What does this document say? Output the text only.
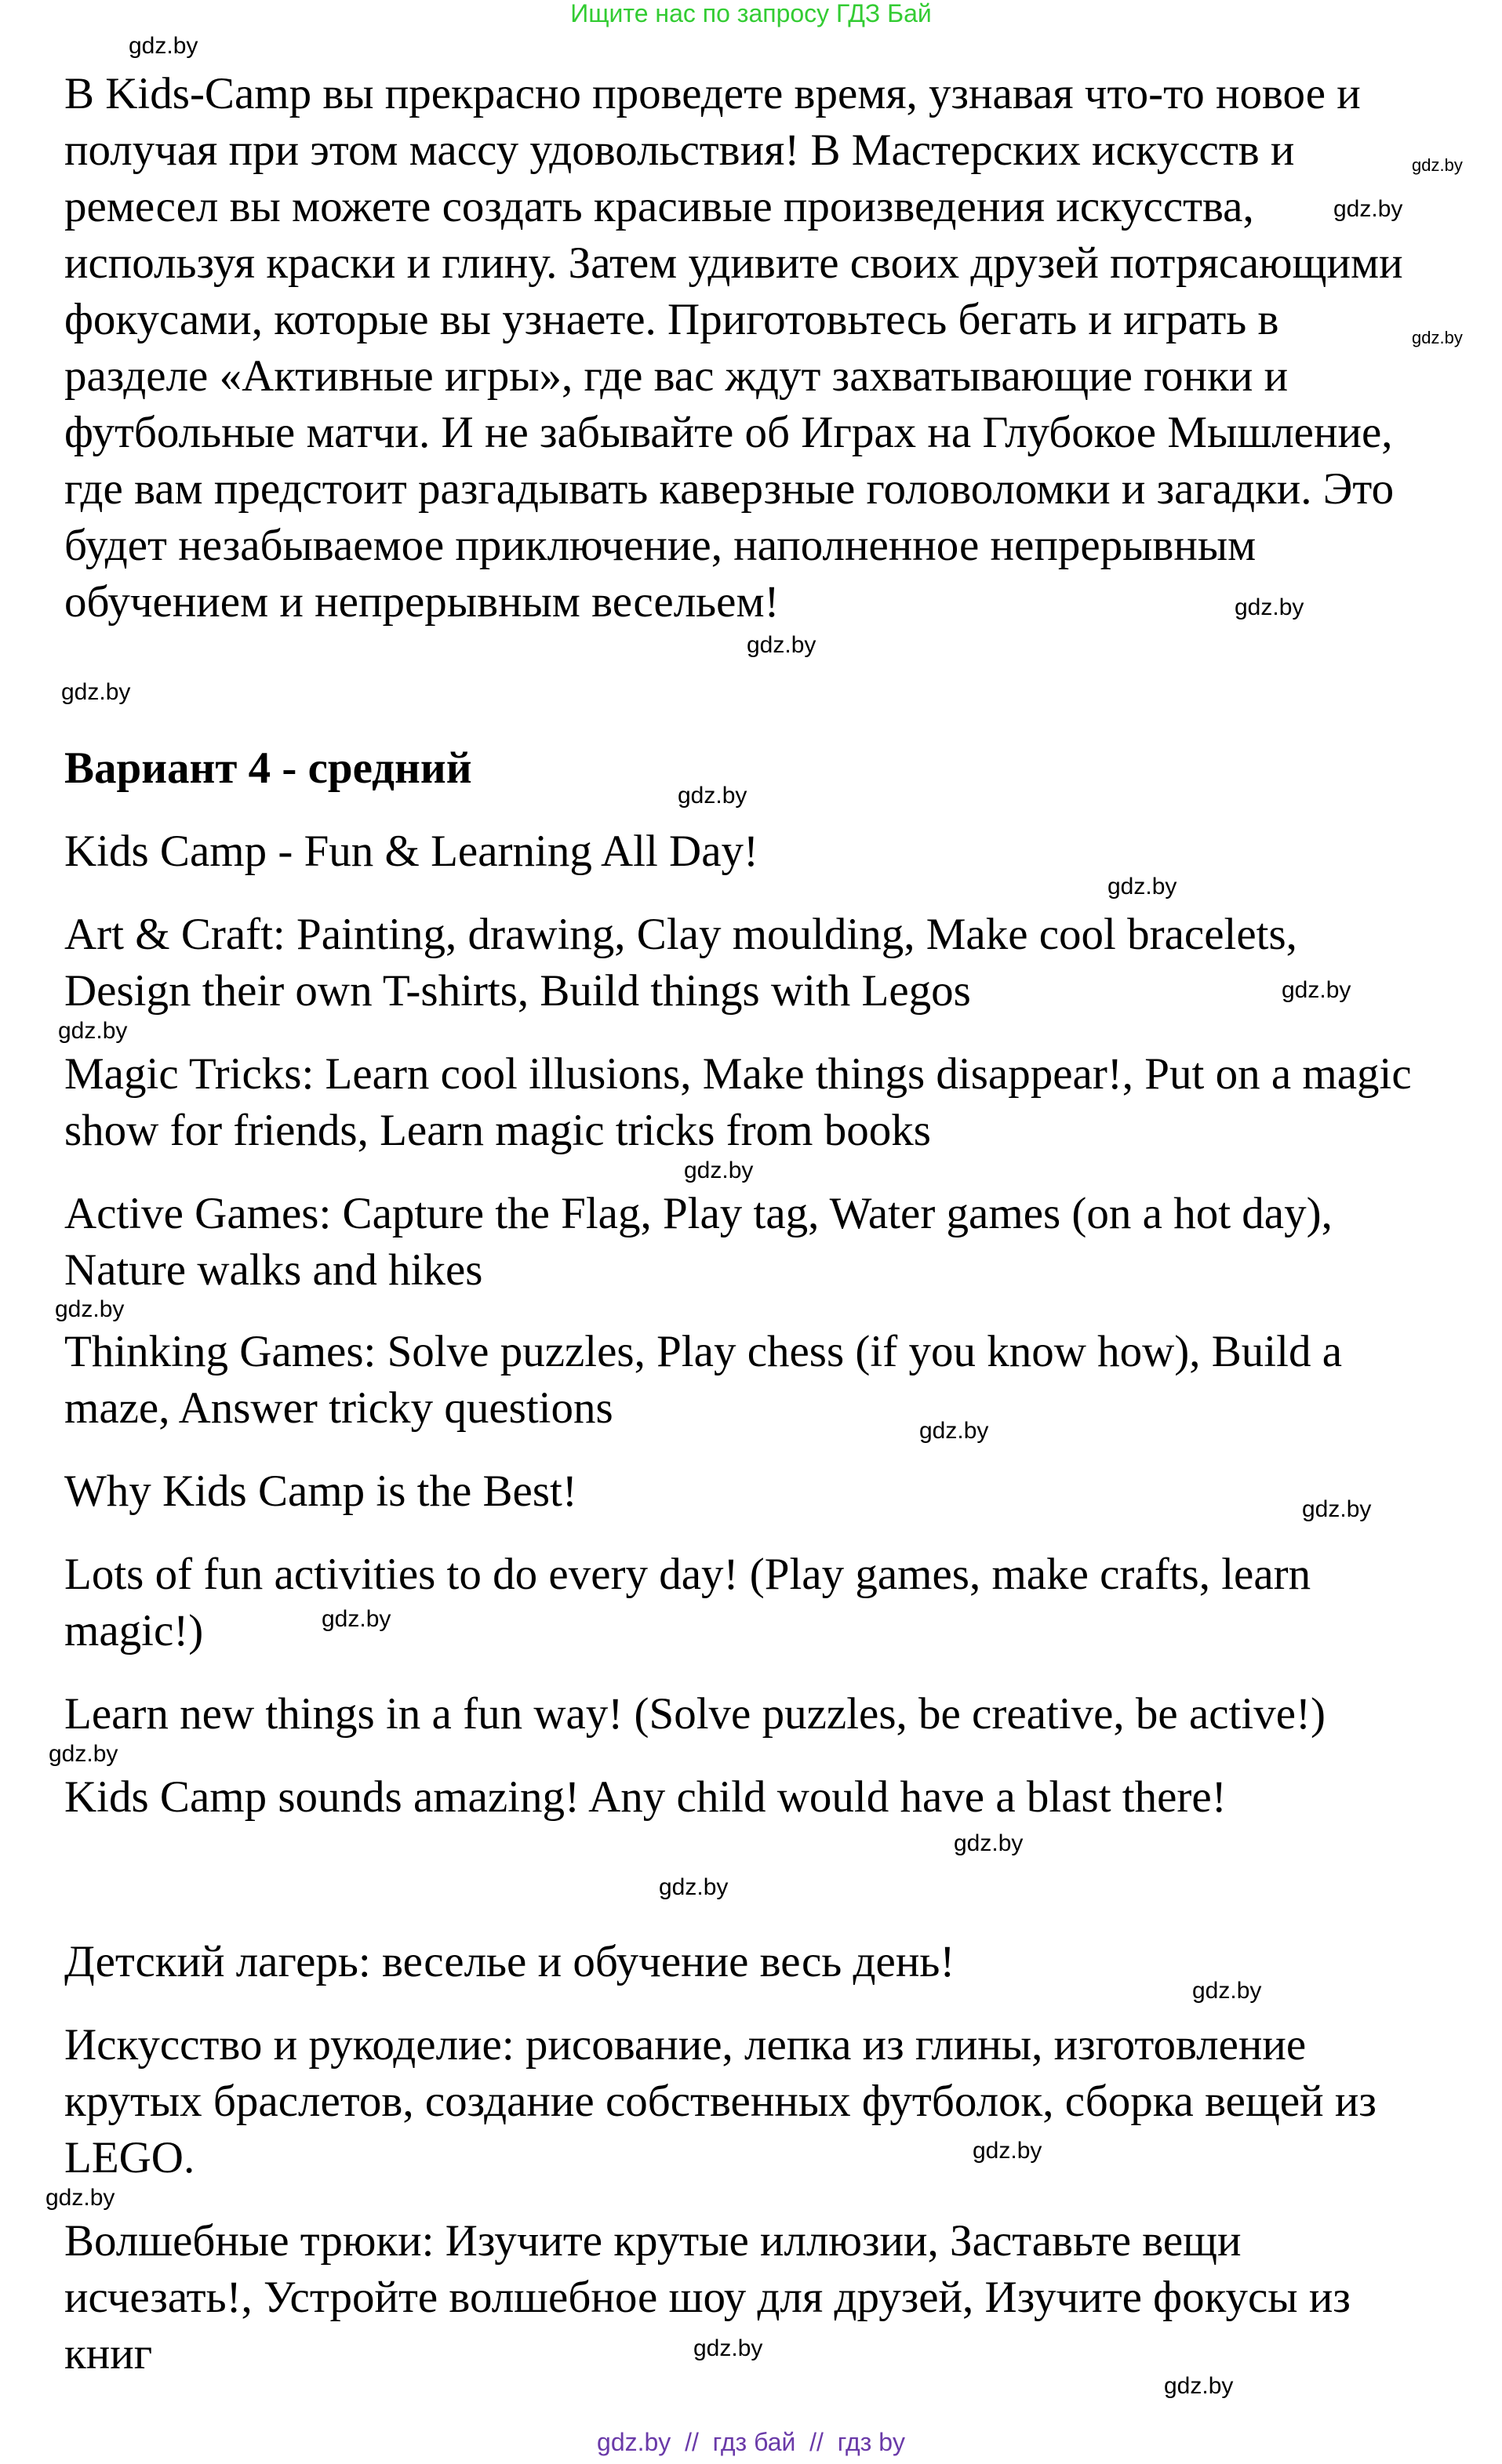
Ищите нас по запросу ГДЗ Бай
В Kids-Camp вы прекрасно проведете время, узнавая что-то новое и
получая при этом массу удовольствия! В Мастерских искусств и
ремесел вы можете создать красивые произведения искусства,
используя краски и глину. Затем удивите своих друзей потрясающими
фокусами, которые вы узнаете. Приготовьтесь бегать и играть в
разделе «Активные игры», где вас ждут захватывающие гонки и
футбольные матчи. И не забывайте об Играх на Глубокое Мышление,
где вам предстоит разгадывать каверзные головоломки и загадки. Это
будет незабываемое приключение, наполненное непрерывным
обучением и непрерывным весельем!
Вариант 4 - средний
Kids Camp - Fun & Learning All Day!
Art & Craft: Painting, drawing, Clay moulding, Make cool bracelets,
Design their own T-shirts, Build things with Legos
Magic Tricks: Learn cool illusions, Make things disappear!, Put on a magic
show for friends, Learn magic tricks from books
Active Games: Capture the Flag, Play tag, Water games (on a hot day),
Nature walks and hikes
Thinking Games: Solve puzzles, Play chess (if you know how), Build a
maze, Answer tricky questions
Why Kids Camp is the Best!
Lots of fun activities to do every day! (Play games, make crafts, learn
magic!)
Learn new things in a fun way! (Solve puzzles, be creative, be active!)
Kids Camp sounds amazing! Any child would have a blast there!
Детский лагерь: веселье и обучение весь день!
Искусство и рукоделие: рисование, лепка из глины, изготовление
крутых браслетов, создание собственных футболок, сборка вещей из
LEGO.
Волшебные трюки: Изучите крутые иллюзии, Заставьте вещи
исчезать!, Устройте волшебное шоу для друзей, Изучите фокусы из
книг
gdz.by
gdz.by
gdz.by
gdz.by
gdz.by
gdz.by
gdz.by
gdz.by
gdz.by
gdz.by
gdz.by
gdz.by
gdz.by
gdz.by
gdz.by
gdz.by
gdz.by
gdz.by
gdz.by
gdz.by
gdz.by
gdz.by
gdz.by
gdz.by
gdz.by  //  гдз бай  //  гдз by
